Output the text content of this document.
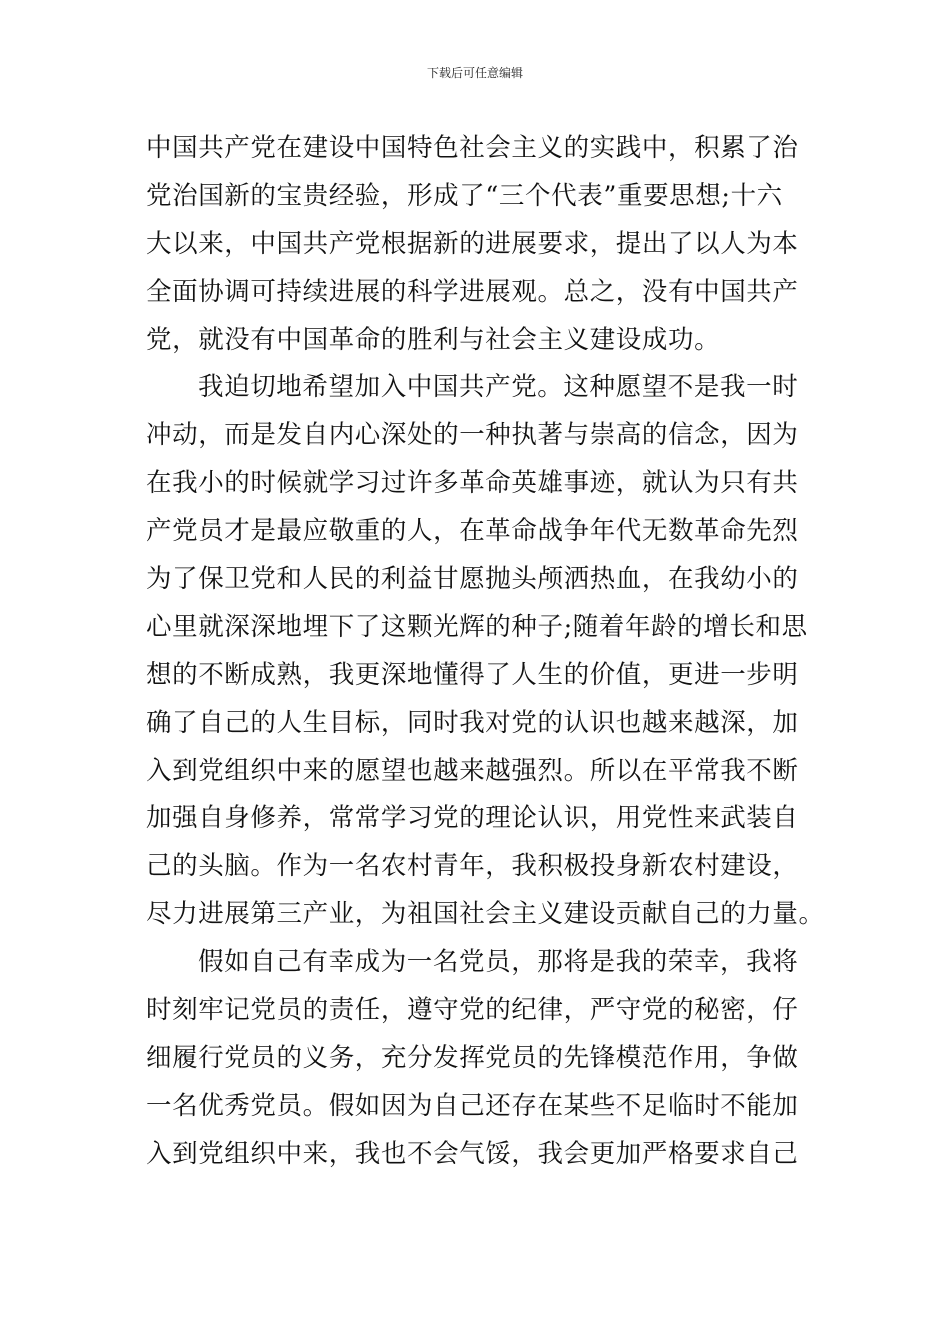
下载后可任意编辑
中国共产党在建设中国特色社会主义的实践中，积累了治
党治国新的宝贵经验，形成了“三个代表”重要思想;十六
大以来，中国共产党根据新的进展要求，提出了以人为本
全面协调可持续进展的科学进展观。总之，没有中国共产
党，就没有中国革命的胜利与社会主义建设成功。
我迫切地希望加入中国共产党。这种愿望不是我一时
冲动，而是发自内心深处的一种执著与崇高的信念，因为
在我小的时候就学习过许多革命英雄事迹，就认为只有共
产党员才是最应敬重的人，在革命战争年代无数革命先烈
为了保卫党和人民的利益甘愿抛头颅洒热血，在我幼小的
心里就深深地埋下了这颗光辉的种子;随着年龄的增长和思
想的不断成熟，我更深地懂得了人生的价值，更进一步明
确了自己的人生目标，同时我对党的认识也越来越深，加
入到党组织中来的愿望也越来越强烈。所以在平常我不断
加强自身修养，常常学习党的理论认识，用党性来武装自
己的头脑。作为一名农村青年，我积极投身新农村建设，
尽力进展第三产业，为祖国社会主义建设贡献自己的力量。
假如自己有幸成为一名党员，那将是我的荣幸，我将
时刻牢记党员的责任，遵守党的纪律，严守党的秘密，仔
细履行党员的义务，充分发挥党员的先锋模范作用，争做
一名优秀党员。假如因为自己还存在某些不足临时不能加
入到党组织中来，我也不会气馁，我会更加严格要求自己
